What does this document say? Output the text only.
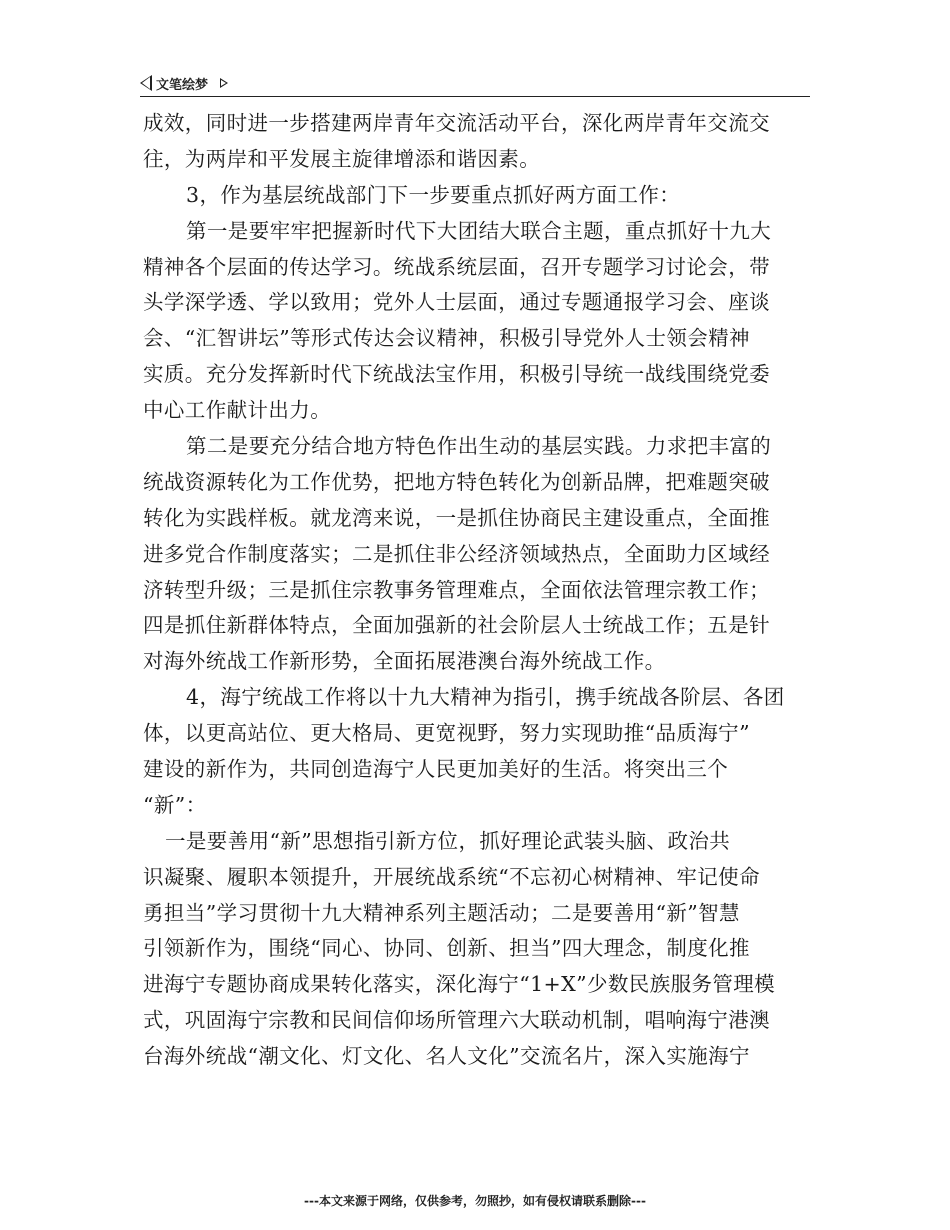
文笔绘梦
成效，同时进一步搭建两岸青年交流活动平台，深化两岸青年交流交
往，为两岸和平发展主旋律增添和谐因素。
3，作为基层统战部门下一步要重点抓好两方面工作：
第一是要牢牢把握新时代下大团结大联合主题，重点抓好十九大
精神各个层面的传达学习。统战系统层面，召开专题学习讨论会，带
头学深学透、学以致用；党外人士层面，通过专题通报学习会、座谈
会、“汇智讲坛”等形式传达会议精神，积极引导党外人士领会精神
实质。充分发挥新时代下统战法宝作用，积极引导统一战线围绕党委
中心工作献计出力。
第二是要充分结合地方特色作出生动的基层实践。力求把丰富的
统战资源转化为工作优势，把地方特色转化为创新品牌，把难题突破
转化为实践样板。就龙湾来说，一是抓住协商民主建设重点，全面推
进多党合作制度落实；二是抓住非公经济领域热点，全面助力区域经
济转型升级；三是抓住宗教事务管理难点，全面依法管理宗教工作；
四是抓住新群体特点，全面加强新的社会阶层人士统战工作；五是针
对海外统战工作新形势，全面拓展港澳台海外统战工作。
4，海宁统战工作将以十九大精神为指引，携手统战各阶层、各团
体，以更高站位、更大格局、更宽视野，努力实现助推“品质海宁”
建设的新作为，共同创造海宁人民更加美好的生活。将突出三个
“新”：
一是要善用“新”思想指引新方位，抓好理论武装头脑、政治共
识凝聚、履职本领提升，开展统战系统“不忘初心树精神、牢记使命
勇担当”学习贯彻十九大精神系列主题活动；二是要善用“新”智慧
引领新作为，围绕“同心、协同、创新、担当”四大理念，制度化推
进海宁专题协商成果转化落实，深化海宁“1+X”少数民族服务管理模
式，巩固海宁宗教和民间信仰场所管理六大联动机制，唱响海宁港澳
台海外统战“潮文化、灯文化、名人文化”交流名片，深入实施海宁
---本文来源于网络，仅供参考，勿照抄，如有侵权请联系删除---
